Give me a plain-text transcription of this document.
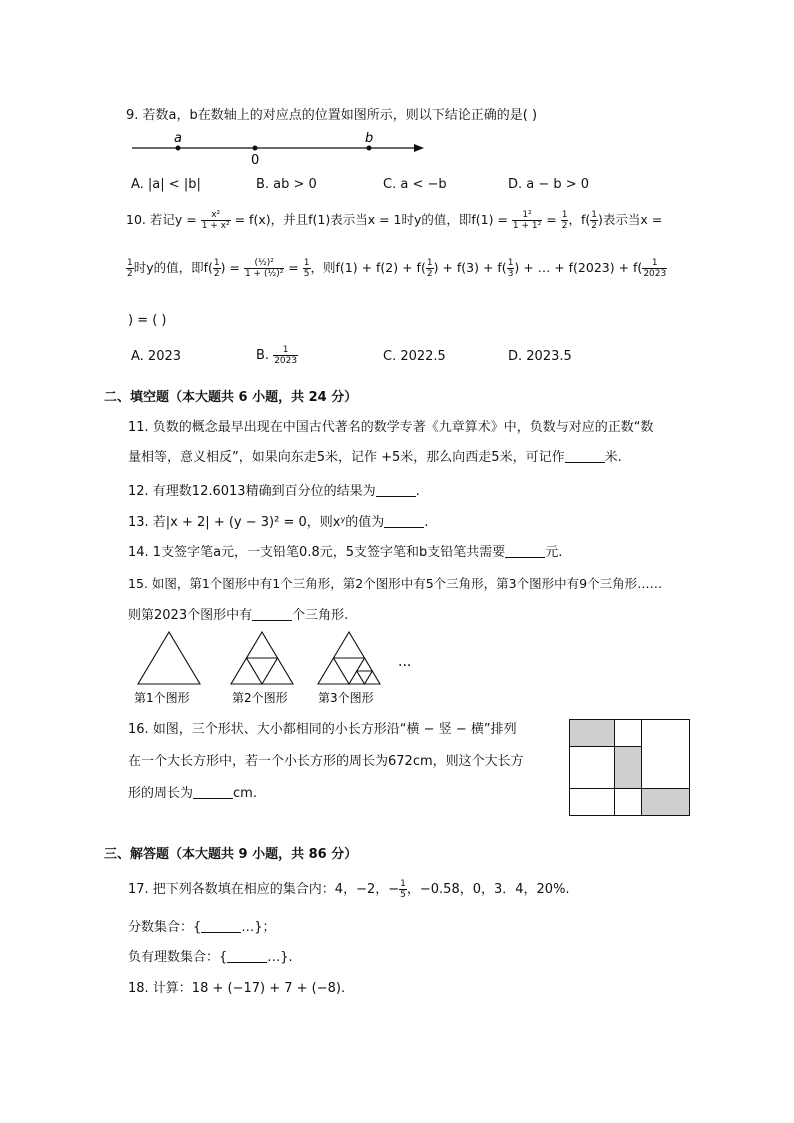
9. 若数a，b在数轴上的对应点的位置如图所示，则以下结论正确的是( )
a
0
b
A. |a| < |b|	B. ab > 0	C. a < −b	D. a − b > 0
10. 若记$y = \frac{\text{x²}}{\text{1 + x²}} = f(x)$，并且f(1)表示当x = 1时y的值，即$f(1) = \frac{\text{1²}}{\text{1 + 1²}} = \frac{1}{2}$ ，$f( \frac{1}{2}$ )表示当x =
$\frac{1}{2}$ 时y的值，即$f( \frac{1}{2}$ ) = $\frac{\text{(½)²}}{\text{1 + (½)²}} = \frac{1}{5}$ ，则$f(1) + f(2) + f( \frac{1}{2}$ ) + $f(3) + f( \frac{1}{3}$ ) + … + $f(2023) + f( \frac{1}{2023}$
) = ( )
A. 2023	B. $\frac{1}{2023}$	C. 2022.5	D. 2023.5
二、填空题（本大题共 6 小题，共 24 分）
11. 负数的概念最早出现在中国古代著名的数学专著《九章算术》中，负数与对应的正数“数
量相等，意义相反”，如果向东走5米，记作 +5米，那么向西走5米，可记作	米.
12. 有理数12.6013精确到百分位的结果为	.
13. 若|x + 2| + (y − 3)² = 0，则xʸ的值为	.
14. 1支签字笔a元，一支铅笔0.8元，5支签字笔和b支铅笔共需要	元.
15. 如图，第1个图形中有1个三角形，第2个图形中有5个三角形，第3个图形中有9个三角形……
则第2023个图形中有	个三角形.
···
第1个图形	第2个图形	第3个图形
16. 如图，三个形状、大小都相同的小长方形沿“横 − 竖 − 横”排列
在一个大长方形中，若一个小长方形的周长为672cm，则这个大长方
形的周长为	cm.
三、解答题（本大题共 9 小题，共 86 分）
17. 把下列各数填在相应的集合内：4，−2，− $\frac{1}{5}$ ，−0.58，0，3．4̇，20%.
分数集合：{	…}；
负有理数集合：{	…}.
18. 计算：18 + (−17) + 7 + (−8).
